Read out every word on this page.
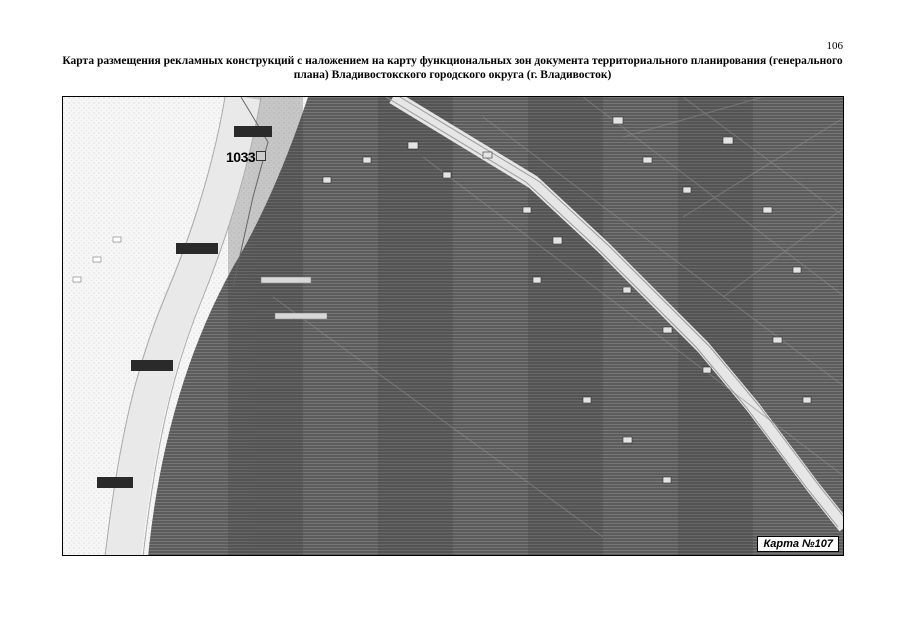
106
Карта размещения рекламных конструкций с наложением на карту функциональных зон документа территориального планирования (генерального плана) Владивостокского городского округа (г. Владивосток)
1033
Карта №107
